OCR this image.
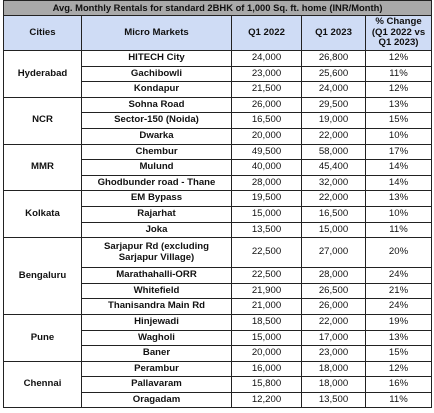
Avg. Monthly Rentals for standard 2BHK of 1,000 Sq. ft. home (INR/Month)				
Cities	Micro Markets	Q1 2022	Q1 2023	% Change (Q1 2022 vs Q1 2023)
Hyderabad	HITECH City	24,000	26,800	12%
	Gachibowli	23,000	25,600	11%
	Kondapur	21,500	24,000	12%
NCR	Sohna Road	26,000	29,500	13%
	Sector-150 (Noida)	16,500	19,000	15%
	Dwarka	20,000	22,000	10%
MMR	Chembur	49,500	58,000	17%
	Mulund	40,000	45,400	14%
	Ghodbunder road - Thane	28,000	32,000	14%
Kolkata	EM Bypass	19,500	22,000	13%
	Rajarhat	15,000	16,500	10%
	Joka	13,500	15,000	11%
Bengaluru	Sarjapur Rd (excluding Sarjapur Village)	22,500	27,000	20%
	Marathahalli-ORR	22,500	28,000	24%
	Whitefield	21,900	26,500	21%
	Thanisandra Main Rd	21,000	26,000	24%
Pune	Hinjewadi	18,500	22,000	19%
	Wagholi	15,000	17,000	13%
	Baner	20,000	23,000	15%
Chennai	Perambur	16,000	18,000	12%
	Pallavaram	15,800	18,000	16%
	Oragadam	12,200	13,500	11%
